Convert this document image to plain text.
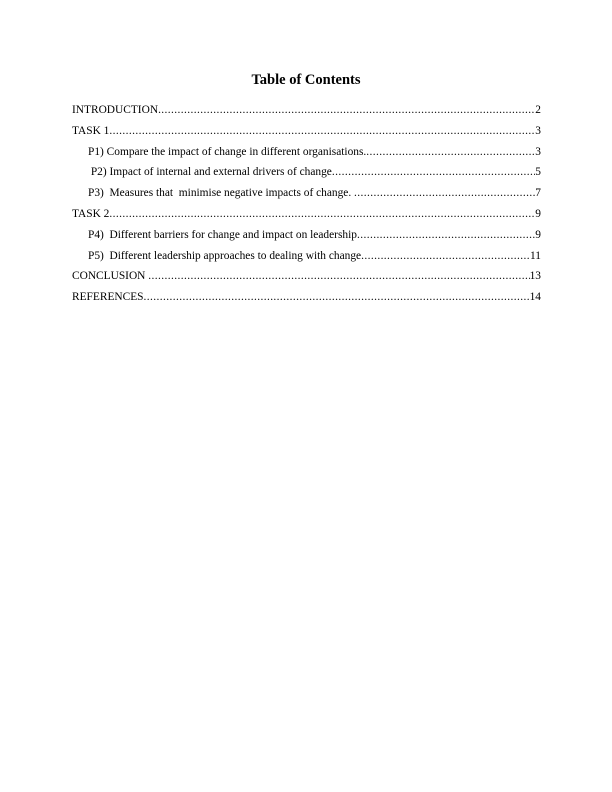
Table of Contents
INTRODUCTION .....	2
TASK 1 .....	3
P1) Compare the impact of change in different organisations. .....	3
P2) Impact of internal and external drivers of change .....	5
P3)  Measures that  minimise negative impacts of change. .....	7
TASK 2 .....	9
P4)  Different barriers for change and impact on leadership .....	9
P5)  Different leadership approaches to dealing with change .....	11
CONCLUSION .....	13
REFERENCES .....	14
